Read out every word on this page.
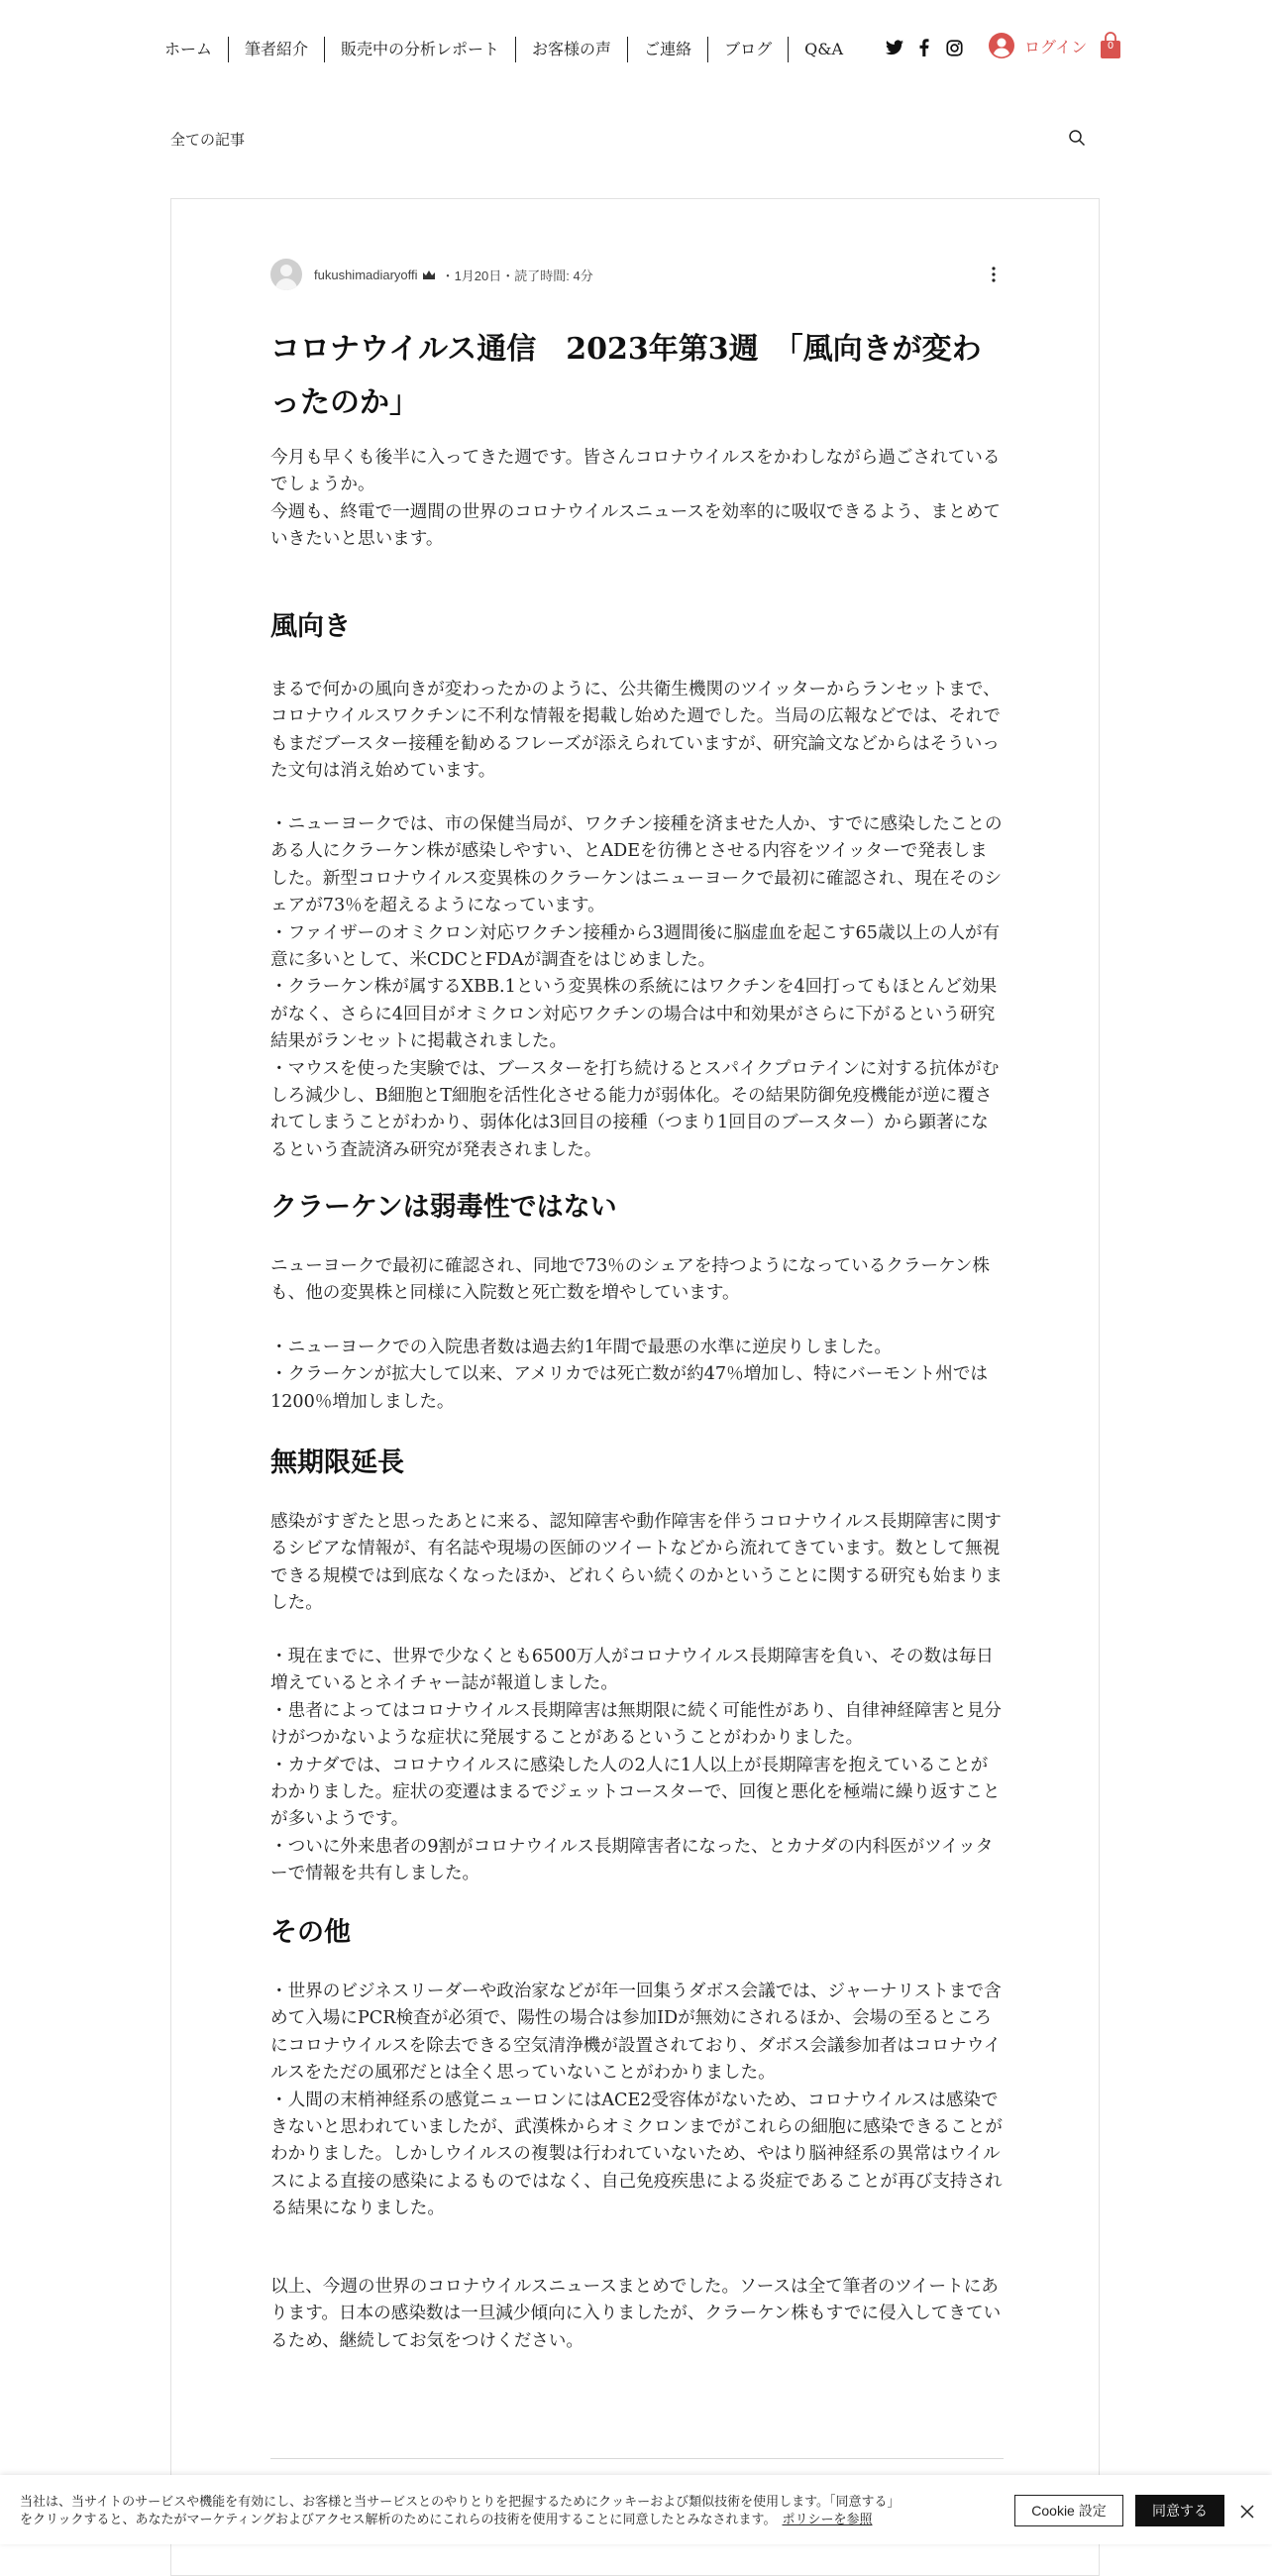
ホーム	筆者紹介	販売中の分析レポート	お客様の声	ご連絡	ブログ	Q&A	ログイン	0
全ての記事
fukushimadiaryoffi ・ 1月20日 ・ 読了時間: 4分
コロナウイルス通信　2023年第3週　「風向きが変わったのか」

今月も早くも後半に入ってきた週です。皆さんコロナウイルスをかわしながら過ごされているでしょうか。
今週も、終電で一週間の世界のコロナウイルスニュースを効率的に吸収できるよう、まとめていきたいと思います。

風向き

まるで何かの風向きが変わったかのように、公共衛生機関のツイッターからランセットまで、コロナウイルスワクチンに不利な情報を掲載し始めた週でした。当局の広報などでは、それでもまだブースター接種を勧めるフレーズが添えられていますが、研究論文などからはそういった文句は消え始めています。

・ニューヨークでは、市の保健当局が、ワクチン接種を済ませた人か、すでに感染したことのある人にクラーケン株が感染しやすい、とADEを彷彿とさせる内容をツイッターで発表しました。新型コロナウイルス変異株のクラーケンはニューヨークで最初に確認され、現在そのシェアが73％を超えるようになっています。
・ファイザーのオミクロン対応ワクチン接種から3週間後に脳虚血を起こす65歳以上の人が有意に多いとして、米CDCとFDAが調査をはじめました。
・クラーケン株が属するXBB.1という変異株の系統にはワクチンを4回打ってもほとんど効果がなく、さらに4回目がオミクロン対応ワクチンの場合は中和効果がさらに下がるという研究結果がランセットに掲載されました。
・マウスを使った実験では、ブースターを打ち続けるとスパイクプロテインに対する抗体がむしろ減少し、B細胞とT細胞を活性化させる能力が弱体化。その結果防御免疫機能が逆に覆されてしまうことがわかり、弱体化は3回目の接種（つまり1回目のブースター）から顕著になるという査読済み研究が発表されました。

クラーケンは弱毒性ではない

ニューヨークで最初に確認され、同地で73％のシェアを持つようになっているクラーケン株も、他の変異株と同様に入院数と死亡数を増やしています。

・ニューヨークでの入院患者数は過去約1年間で最悪の水準に逆戻りしました。
・クラーケンが拡大して以来、アメリカでは死亡数が約47％増加し、特にバーモント州では1200％増加しました。

無期限延長

感染がすぎたと思ったあとに来る、認知障害や動作障害を伴うコロナウイルス長期障害に関するシビアな情報が、有名誌や現場の医師のツイートなどから流れてきています。数として無視できる規模では到底なくなったほか、どれくらい続くのかということに関する研究も始まりました。

・現在までに、世界で少なくとも6500万人がコロナウイルス長期障害を負い、その数は毎日増えているとネイチャー誌が報道しました。
・患者によってはコロナウイルス長期障害は無期限に続く可能性があり、自律神経障害と見分けがつかないような症状に発展することがあるということがわかりました。
・カナダでは、コロナウイルスに感染した人の2人に1人以上が長期障害を抱えていることがわかりました。症状の変遷はまるでジェットコースターで、回復と悪化を極端に繰り返すことが多いようです。
・ついに外来患者の9割がコロナウイルス長期障害者になった、とカナダの内科医がツイッターで情報を共有しました。

その他

・世界のビジネスリーダーや政治家などが年一回集うダボス会議では、ジャーナリストまで含めて入場にPCR検査が必須で、陽性の場合は参加IDが無効にされるほか、会場の至るところにコロナウイルスを除去できる空気清浄機が設置されており、ダボス会議参加者はコロナウイルスをただの風邪だとは全く思っていないことがわかりました。
・人間の末梢神経系の感覚ニューロンにはACE2受容体がないため、コロナウイルスは感染できないと思われていましたが、武漢株からオミクロンまでがこれらの細胞に感染できることがわかりました。しかしウイルスの複製は行われていないため、やはり脳神経系の異常はウイルスによる直接の感染によるものではなく、自己免疫疾患による炎症であることが再び支持される結果になりました。

以上、今週の世界のコロナウイルスニュースまとめでした。ソースは全て筆者のツイートにあります。日本の感染数は一旦減少傾向に入りましたが、クラーケン株もすでに侵入してきているため、継続してお気をつけください。

当社は、当サイトのサービスや機能を有効にし、お客様と当サービスとのやりとりを把握するためにクッキーおよび類似技術を使用します。「同意する」
をクリックすると、あなたがマーケティングおよびアクセス解析のためにこれらの技術を使用することに同意したとみなされます。 ポリシーを参照
Cookie 設定	同意する
